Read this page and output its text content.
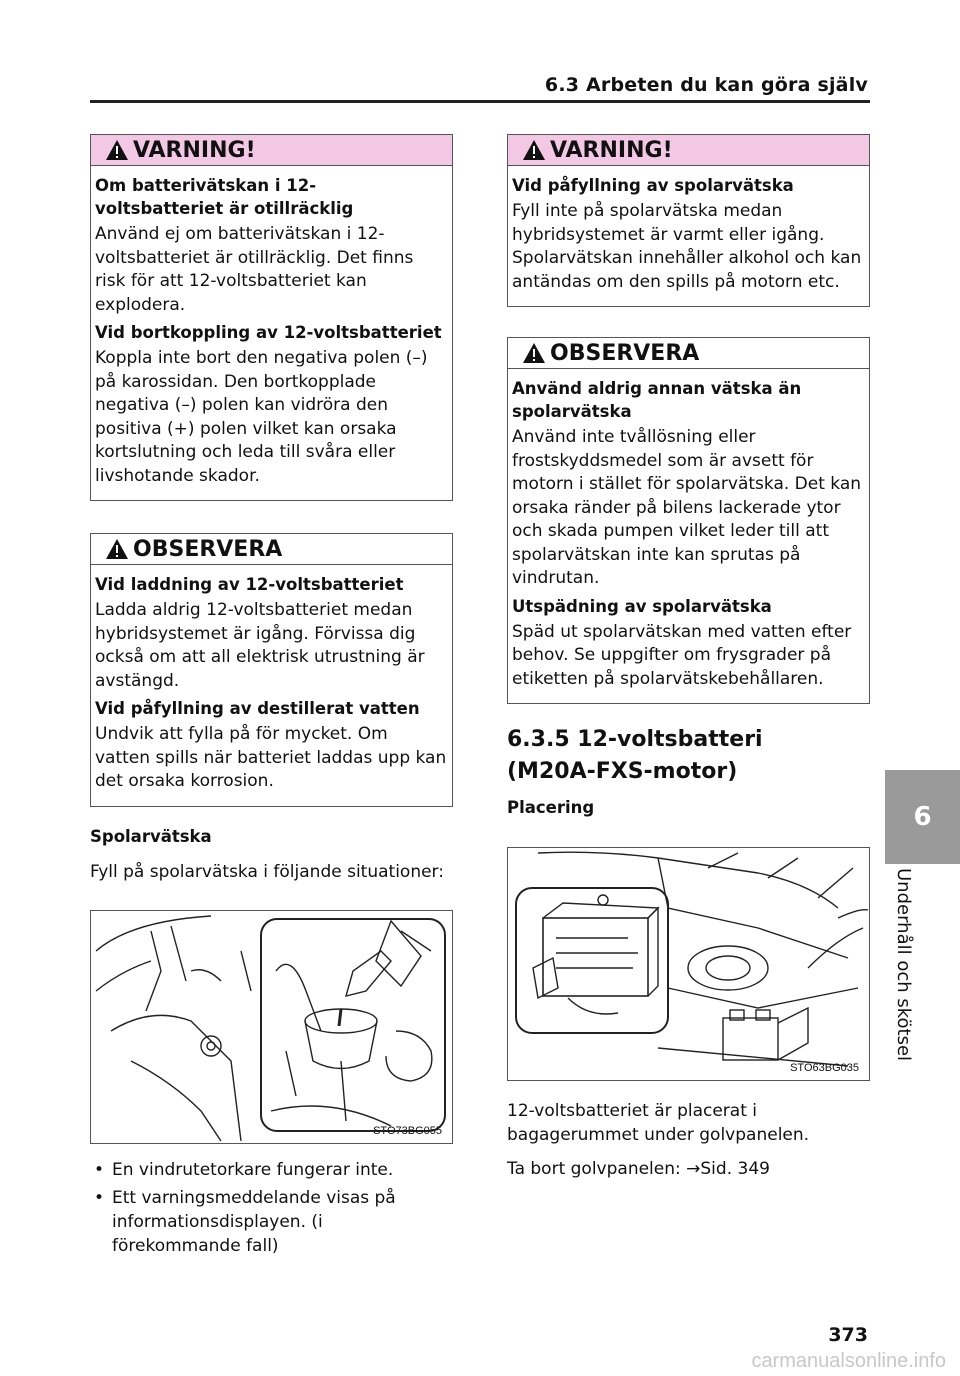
6.3 Arbeten du kan göra själv
VARNING!
Om batterivätskan i 12-
voltsbatteriet är otillräcklig
Använd ej om batterivätskan i 12-voltsbatteriet är otillräcklig. Det finns risk för att 12-voltsbatteriet kan explodera.
Vid bortkoppling av 12-voltsbatteriet
Koppla inte bort den negativa polen (–) på karossidan. Den bortkopplade negativa (–) polen kan vidröra den positiva (+) polen vilket kan orsaka kortslutning och leda till svåra eller livshotande skador.
OBSERVERA
Vid laddning av 12-voltsbatteriet
Ladda aldrig 12-voltsbatteriet medan hybridsystemet är igång. Förvissa dig också om att all elektrisk utrustning är avstängd.
Vid påfyllning av destillerat vatten
Undvik att fylla på för mycket. Om vatten spills när batteriet laddas upp kan det orsaka korrosion.
Spolarvätska
Fyll på spolarvätska i följande situationer:
STO73BG055
• En vindrutetorkare fungerar inte.
• Ett varningsmeddelande visas på informationsdisplayen. (i förekommande fall)
VARNING!
Vid påfyllning av spolarvätska
Fyll inte på spolarvätska medan hybridsystemet är varmt eller igång. Spolarvätskan innehåller alkohol och kan antändas om den spills på motorn etc.
OBSERVERA
Använd aldrig annan vätska än spolarvätska
Använd inte tvållösning eller frostskyddsmedel som är avsett för motorn i stället för spolarvätska. Det kan orsaka ränder på bilens lackerade ytor och skada pumpen vilket leder till att spolarvätskan inte kan sprutas på vindrutan.
Utspädning av spolarvätska
Späd ut spolarvätskan med vatten efter behov. Se uppgifter om frysgrader på etiketten på spolarvätskebehållaren.
6.3.5 12-voltsbatteri
(M20A-FXS-motor)
Placering
STO63BG035
12-voltsbatteriet är placerat i bagagerummet under golvpanelen.
Ta bort golvpanelen: →Sid. 349
6
Underhåll och skötsel
373
carmanualsonline.info
